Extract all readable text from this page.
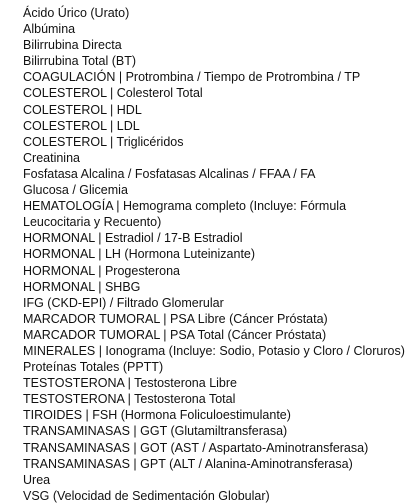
Ácido Úrico (Urato)
Albúmina
Bilirrubina Directa
Bilirrubina Total (BT)
COAGULACIÓN | Protrombina / Tiempo de Protrombina / TP
COLESTEROL | Colesterol Total
COLESTEROL | HDL
COLESTEROL | LDL
COLESTEROL | Triglicéridos
Creatinina
Fosfatasa Alcalina / Fosfatasas Alcalinas / FFAA / FA
Glucosa / Glicemia
HEMATOLOGÍA | Hemograma completo (Incluye: Fórmula Leucocitaria y Recuento)
HORMONAL | Estradiol / 17-B Estradiol
HORMONAL | LH (Hormona Luteinizante)
HORMONAL | Progesterona
HORMONAL | SHBG
IFG (CKD-EPI) / Filtrado Glomerular
MARCADOR TUMORAL | PSA Libre (Cáncer Próstata)
MARCADOR TUMORAL | PSA Total (Cáncer Próstata)
MINERALES | Ionograma (Incluye: Sodio, Potasio y Cloro / Cloruros)
Proteínas Totales (PPTT)
TESTOSTERONA | Testosterona Libre
TESTOSTERONA | Testosterona Total
TIROIDES | FSH (Hormona Foliculoestimulante)
TRANSAMINASAS | GGT (Glutamiltransferasa)
TRANSAMINASAS | GOT (AST / Aspartato-Aminotransferasa)
TRANSAMINASAS | GPT (ALT / Alanina-Aminotransferasa)
Urea
VSG (Velocidad de Sedimentación Globular)
